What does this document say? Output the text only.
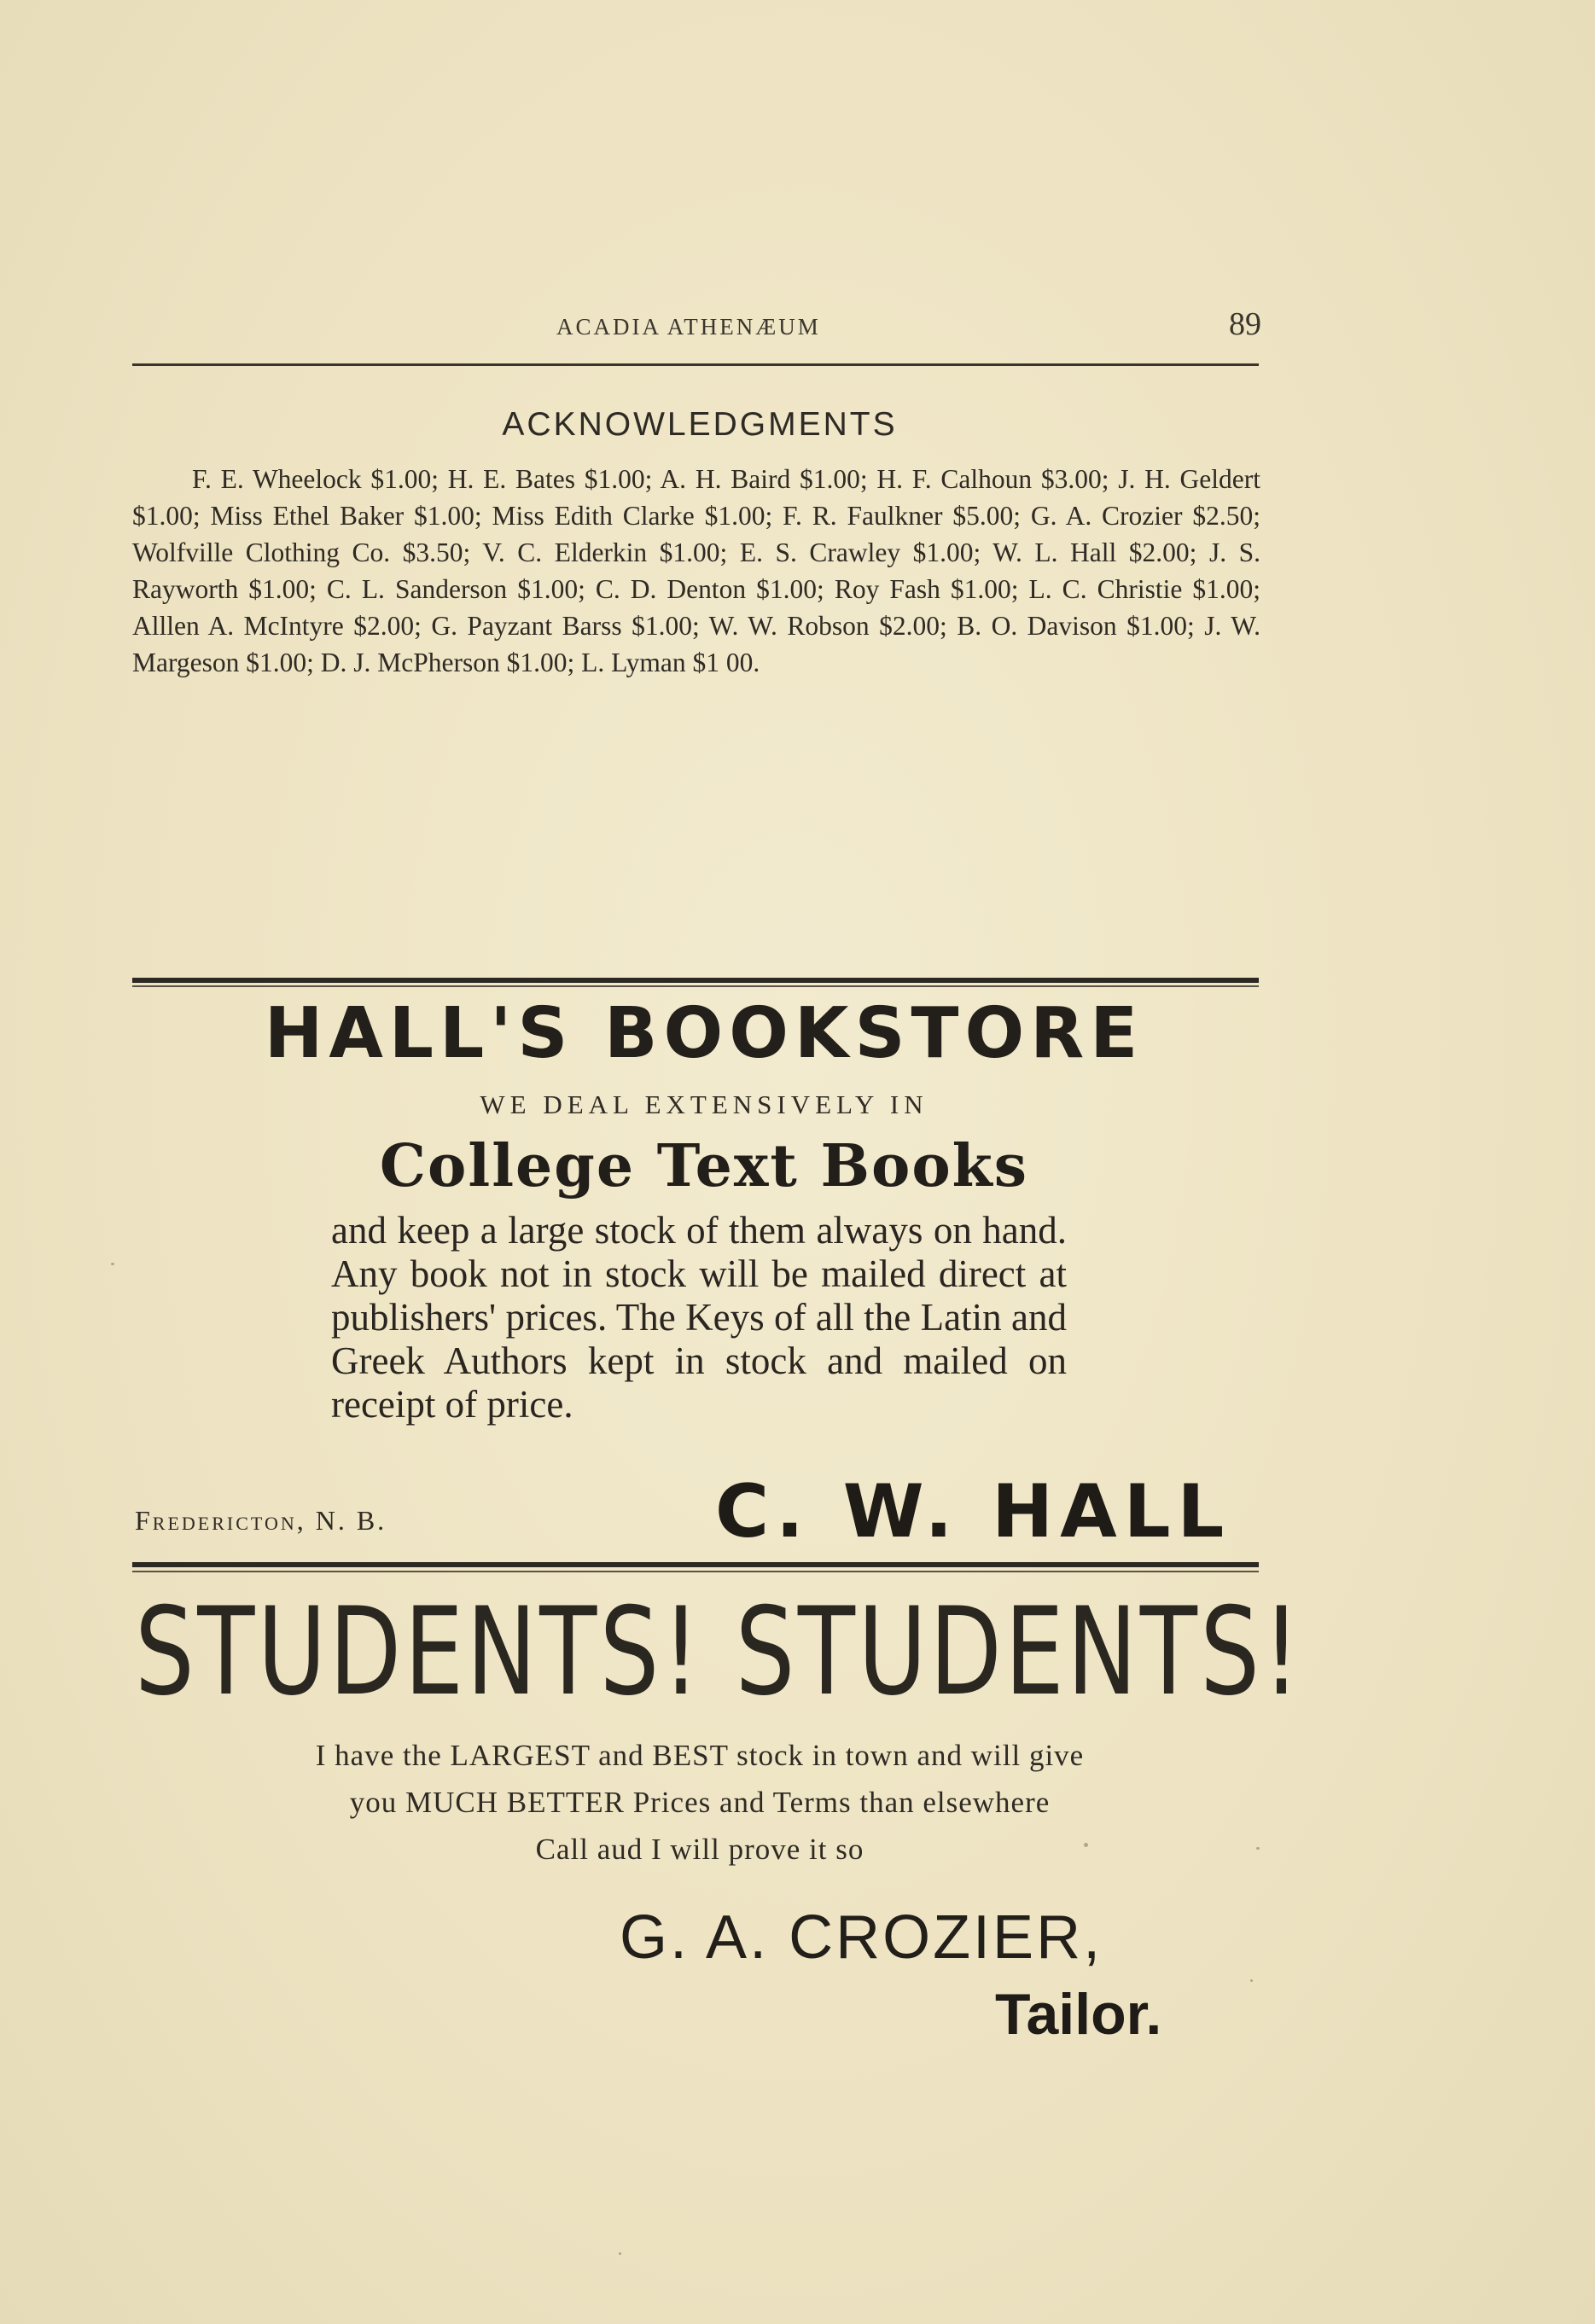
ACADIA ATHENÆUM	89
ACKNOWLEDGMENTS
F. E. Wheelock $1.00; H. E. Bates $1.00; A. H. Baird $1.00; H. F. Calhoun $3.00; J. H. Geldert $1.00; Miss Ethel Baker $1.00; Miss Edith Clarke $1.00; F. R. Faulkner $5.00; G. A. Crozier $2.50; Wolfville Clothing Co. $3.50; V. C. Elderkin $1.00; E. S. Crawley $1.00; W. L. Hall $2.00; J. S. Rayworth $1.00; C. L. Sanderson $1.00; C. D. Denton $1.00; Roy Fash $1.00; L. C. Christie $1.00; Alllen A. McIntyre $2.00; G. Payzant Barss $1.00; W. W. Robson $2.00; B. O. Davison $1.00; J. W. Margeson $1.00; D. J. McPherson $1.00; L. Lyman $1 00.
HALL'S BOOKSTORE
WE DEAL EXTENSIVELY IN
College Text Books
and keep a large stock of them always on hand. Any book not in stock will be mailed direct at publishers' prices. The Keys of all the Latin and Greek Authors kept in stock and mailed on receipt of price.
Fredericton, N. B.	C. W. HALL
STUDENTS! STUDENTS!
I have the LARGEST and BEST stock in town and will give
you MUCH BETTER Prices and Terms than elsewhere
Call aud I will prove it so
G. A. CROZIER,
Tailor.
